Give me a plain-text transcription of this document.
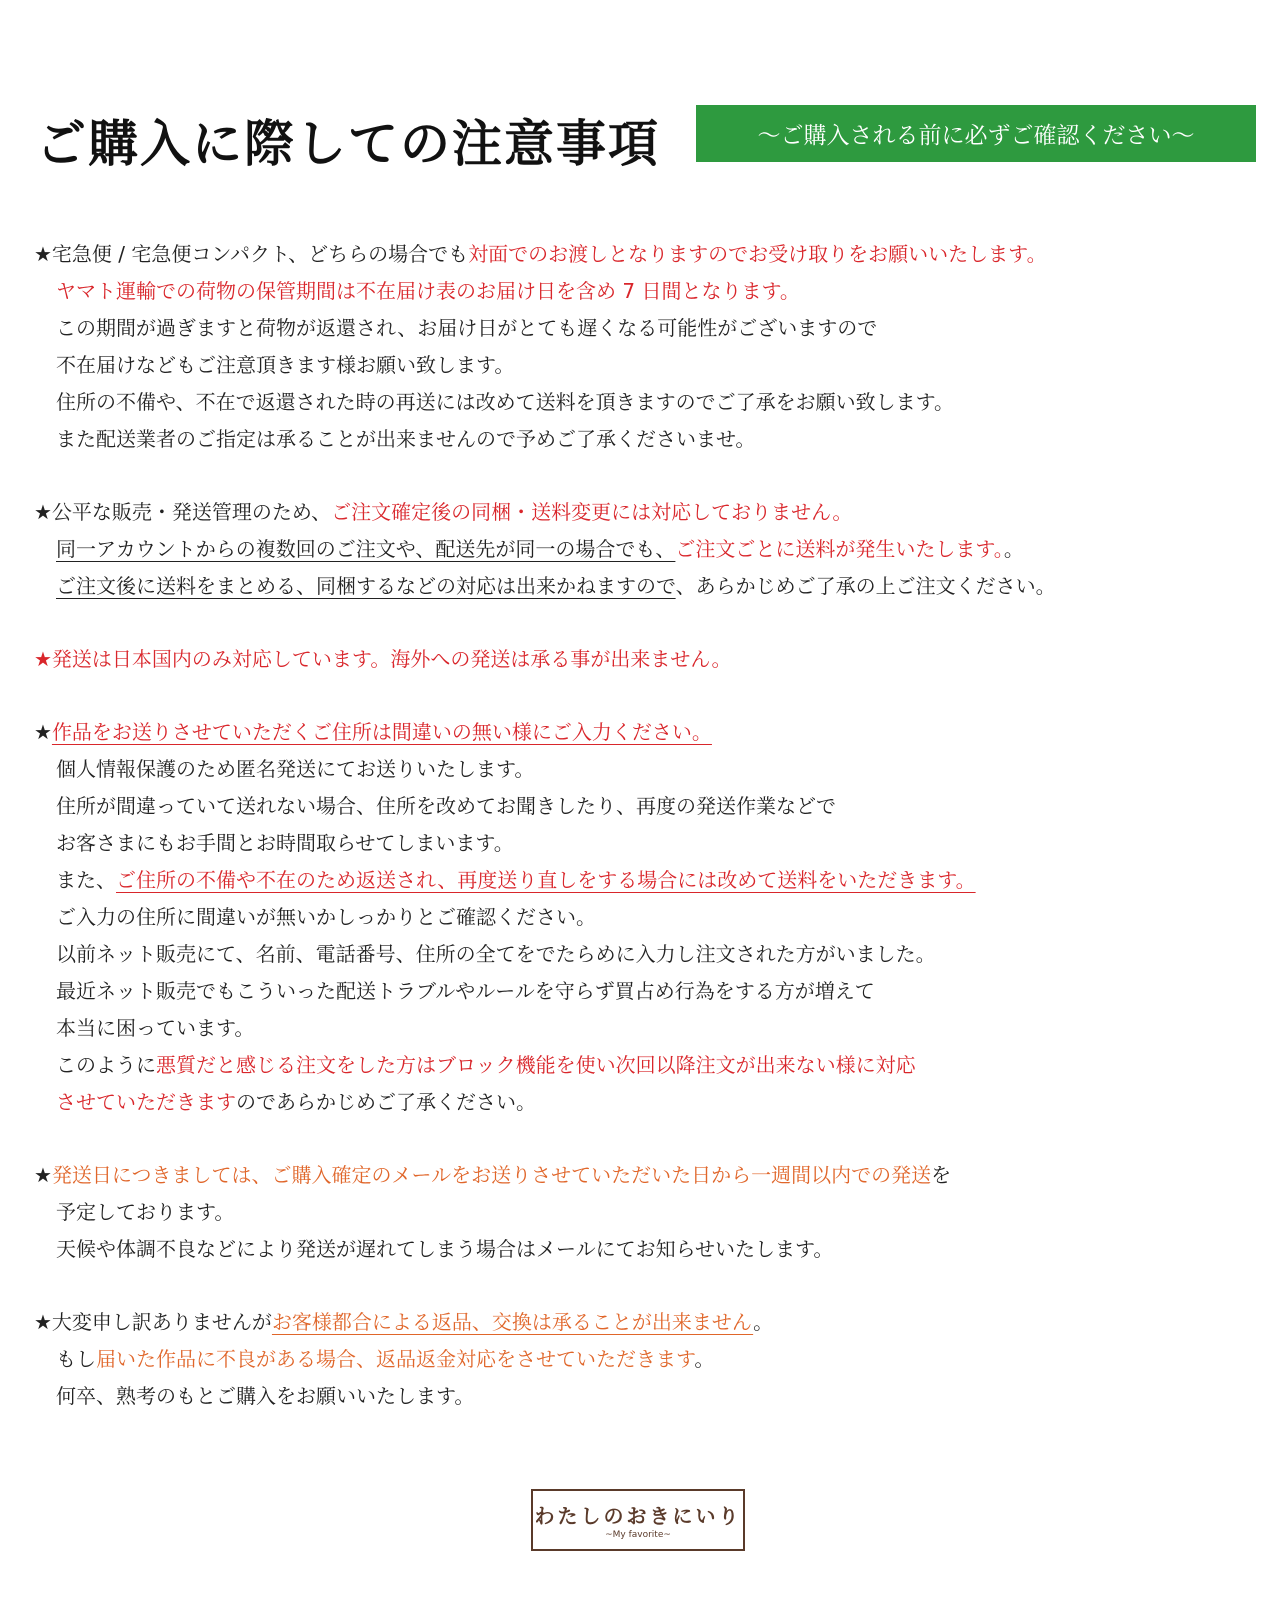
ご購入に際しての注意事項	～ご購入される前に必ずご確認ください～
★宅急便 / 宅急便コンパクト、どちらの場合でも対面でのお渡しとなりますのでお受け取りをお願いいたします。
ヤマト運輸での荷物の保管期間は不在届け表のお届け日を含め 7 日間となります。
この期間が過ぎますと荷物が返還され、お届け日がとても遅くなる可能性がございますので
不在届けなどもご注意頂きます様お願い致します。
住所の不備や、不在で返還された時の再送には改めて送料を頂きますのでご了承をお願い致します。
また配送業者のご指定は承ることが出来ませんので予めご了承くださいませ。
★公平な販売・発送管理のため、ご注文確定後の同梱・送料変更には対応しておりません。
同一アカウントからの複数回のご注文や、配送先が同一の場合でも、ご注文ごとに送料が発生いたします。。
ご注文後に送料をまとめる、同梱するなどの対応は出来かねますので、あらかじめご了承の上ご注文ください。
★発送は日本国内のみ対応しています。海外への発送は承る事が出来ません。
★作品をお送りさせていただくご住所は間違いの無い様にご入力ください。
個人情報保護のため匿名発送にてお送りいたします。
住所が間違っていて送れない場合、住所を改めてお聞きしたり、再度の発送作業などで
お客さまにもお手間とお時間取らせてしまいます。
また、ご住所の不備や不在のため返送され、再度送り直しをする場合には改めて送料をいただきます。
ご入力の住所に間違いが無いかしっかりとご確認ください。
以前ネット販売にて、名前、電話番号、住所の全てをでたらめに入力し注文された方がいました。
最近ネット販売でもこういった配送トラブルやルールを守らず買占め行為をする方が増えて
本当に困っています。
このように悪質だと感じる注文をした方はブロック機能を使い次回以降注文が出来ない様に対応
させていただきますのであらかじめご了承ください。
★発送日につきましては、ご購入確定のメールをお送りさせていただいた日から一週間以内での発送を
予定しております。
天候や体調不良などにより発送が遅れてしまう場合はメールにてお知らせいたします。
★大変申し訳ありませんがお客様都合による返品、交換は承ることが出来ません。
もし届いた作品に不良がある場合、返品返金対応をさせていただきます。
何卒、熟考のもとご購入をお願いいたします。
わたしのおきにいり
~My favorite~
